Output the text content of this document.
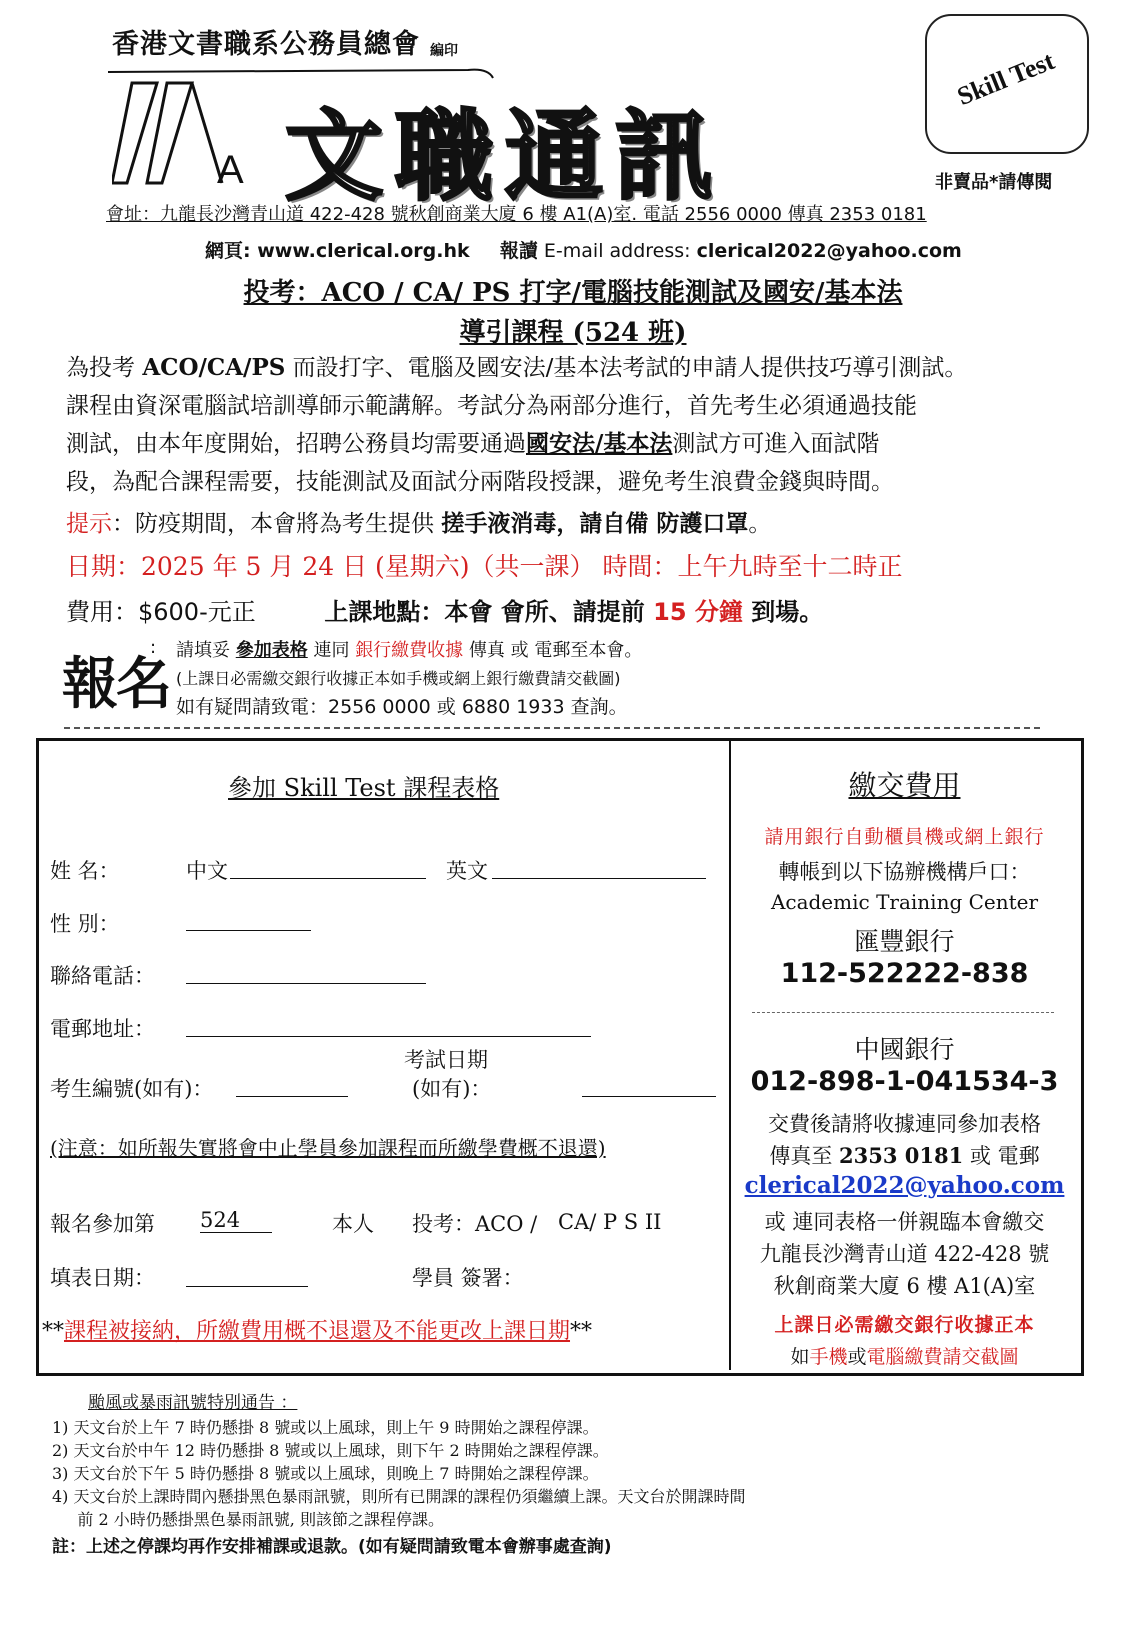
香港文書職系公務員總會 編印
A 文職通訊
Skill Test
非賣品*請傳閱
會址：九龍長沙灣青山道 422-428 號秋創商業大廈 6 樓 A1(A)室. 電話 2556 0000 傳真 2353 0181
網頁: www.clerical.org.hk 報讀 E-mail address: clerical2022@yahoo.com
投考：ACO / CA/ PS 打字/電腦技能測試及國安/基本法
導引課程 (524 班)
為投考 ACO/CA/PS 而設打字、電腦及國安法/基本法考試的申請人提供技巧導引測試。
課程由資深電腦試培訓導師示範講解。考試分為兩部分進行，首先考生必須通過技能
測試，由本年度開始，招聘公務員均需要通過國安法/基本法測試方可進入面試階
段，為配合課程需要，技能測試及面試分兩階段授課，避免考生浪費金錢與時間。
提示：防疫期間，本會將為考生提供 搓手液消毒，請自備 防護口罩。
日期：2025 年 5 月 24 日 (星期六)（共一課） 時間：上午九時至十二時正
費用：$600-元正	上課地點：本會 會所、請提前 15 分鐘 到場。
報名
: 請填妥 參加表格 連同 銀行繳費收據 傳真 或 電郵至本會。
(上課日必需繳交銀行收據正本如手機或網上銀行繳費請交截圖)
如有疑問請致電：2556 0000 或 6880 1933 查詢。
參加 Skill Test 課程表格
姓 名：	中文	英文
性 別：
聯絡電話：
電郵地址：
考生編號(如有)：
考試日期
(如有)：
(注意：如所報失實將會中止學員參加課程而所繳學費概不退還)
報名參加第 524	本人 投考：ACO / CA/ P S II
填表日期：	學員 簽署：
**課程被接納，所繳費用概不退還及不能更改上課日期**
繳交費用
請用銀行自動櫃員機或網上銀行
轉帳到以下協辦機構戶口：
Academic Training Center
匯豐銀行
112-522222-838
中國銀行
012-898-1-041534-3
交費後請將收據連同參加表格
傳真至 2353 0181 或 電郵
clerical2022@yahoo.com
或 連同表格一併親臨本會繳交
九龍長沙灣青山道 422-428 號
秋創商業大廈 6 樓 A1(A)室
上課日必需繳交銀行收據正本
如手機或電腦繳費請交截圖
颱風或暴雨訊號特別通告 ：
1) 天文台於上午 7 時仍懸掛 8 號或以上風球，則上午 9 時開始之課程停課。
2) 天文台於中午 12 時仍懸掛 8 號或以上風球，則下午 2 時開始之課程停課。
3) 天文台於下午 5 時仍懸掛 8 號或以上風球，則晚上 7 時開始之課程停課。
4) 天文台於上課時間內懸掛黑色暴雨訊號，則所有已開課的課程仍須繼續上課。天文台於開課時間
前 2 小時仍懸掛黑色暴雨訊號, 則該節之課程停課。
註：上述之停課均再作安排補課或退款。(如有疑問請致電本會辦事處查詢)
